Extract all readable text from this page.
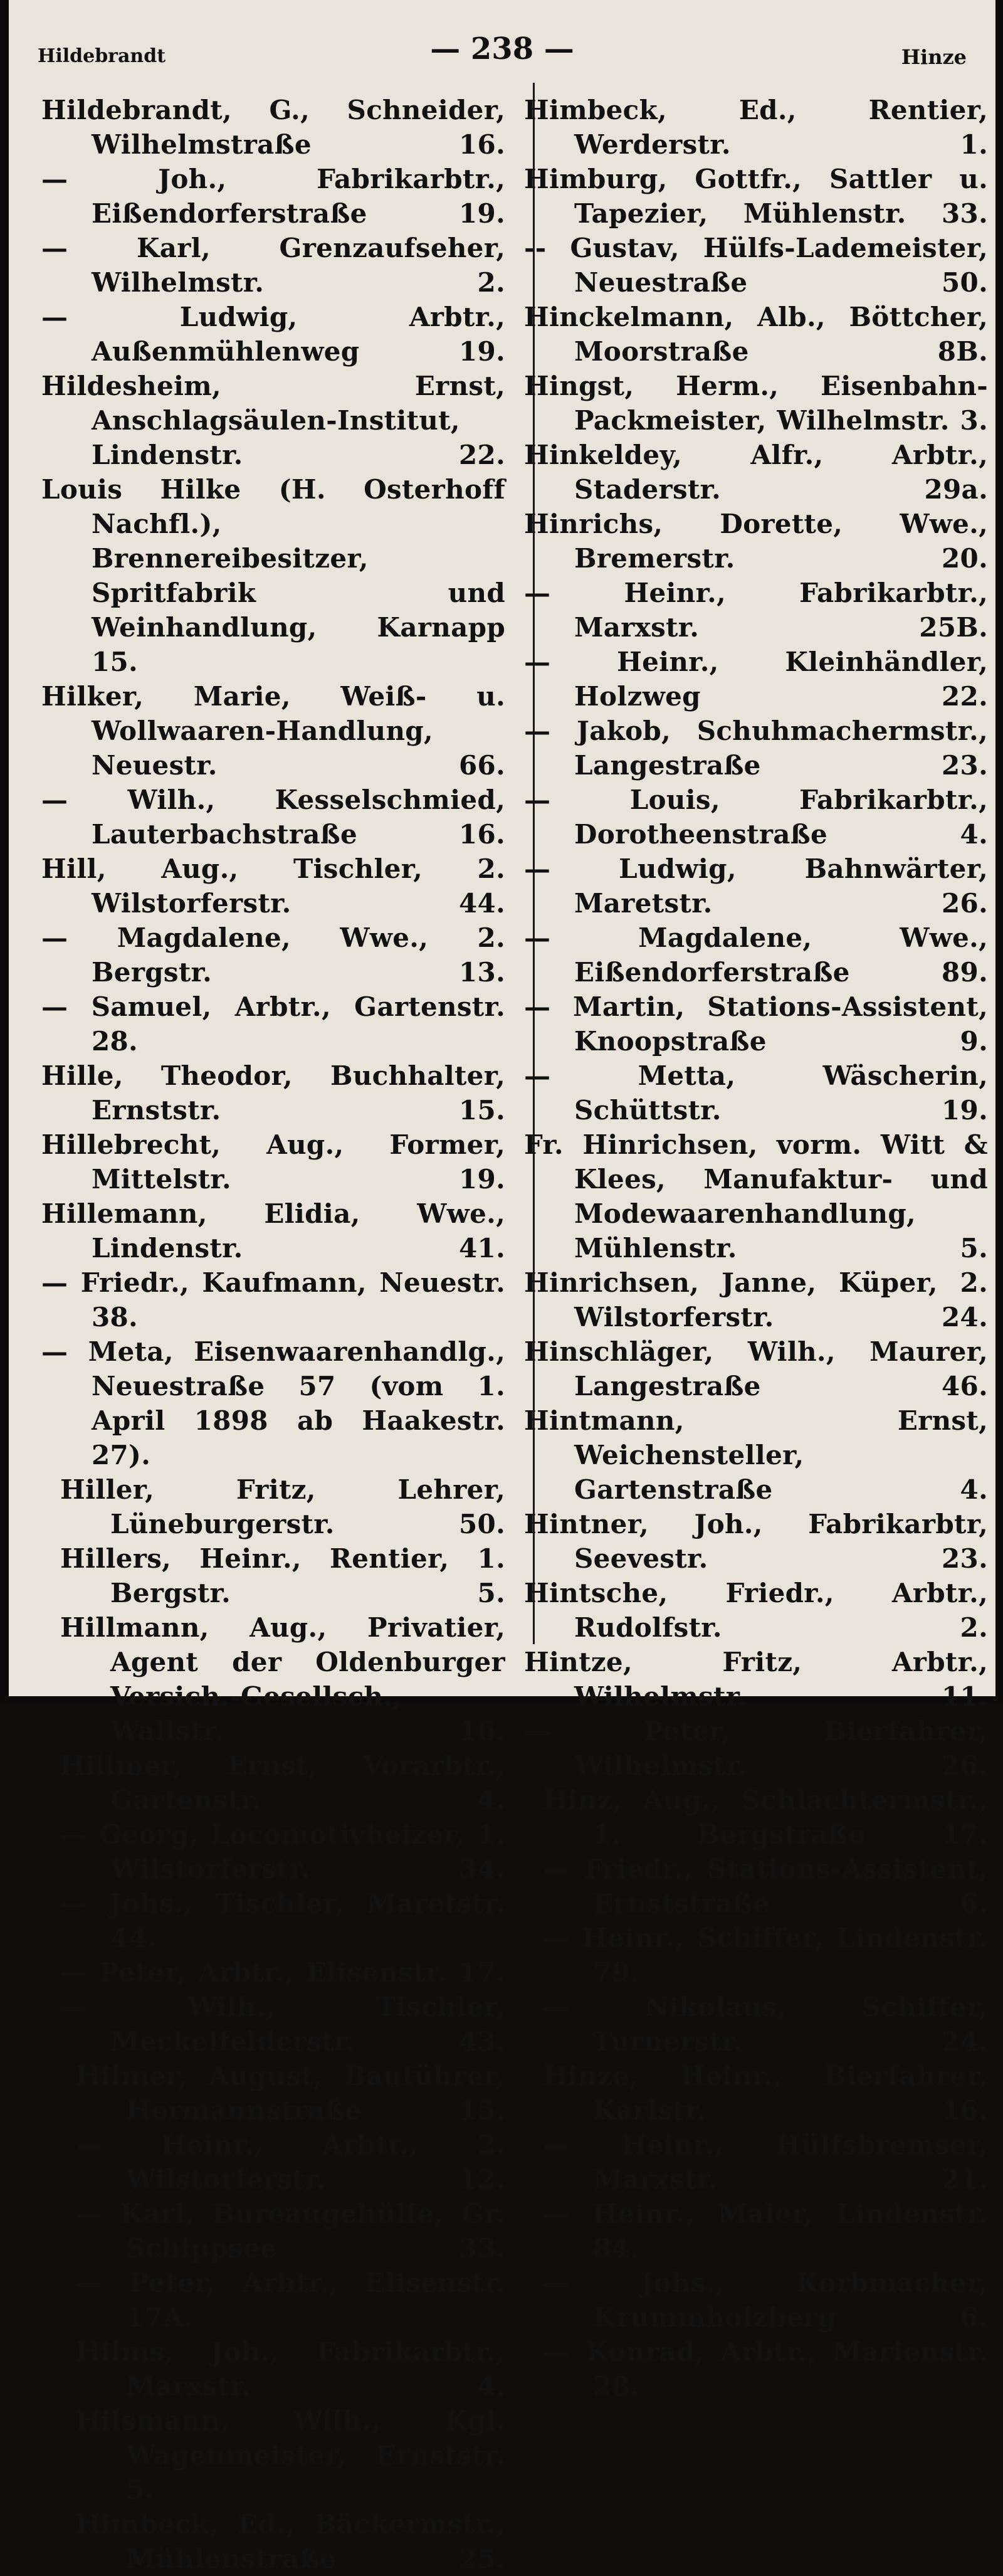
Hildebrandt	— 238 —	Hinze
Hildebrandt, G., Schneider, Wilhelmstraße 16.
— Joh., Fabrikarbtr., Eißendorferstraße 19.
— Karl, Grenzaufseher, Wilhelmstr. 2.
— Ludwig, Arbtr., Außenmühlenweg 19.
Hildesheim, Ernst, Anschlagsäulen-Institut, Lindenstr. 22.
Louis Hilke (H. Osterhoff Nachfl.), Brennereibesitzer, Spritfabrik und Weinhandlung, Karnapp 15.
Hilker, Marie, Weiß- u. Wollwaaren-Handlung, Neuestr. 66.
— Wilh., Kesselschmied, Lauterbachstraße 16.
Hill, Aug., Tischler, 2. Wilstorferstr. 44.
— Magdalene, Wwe., 2. Bergstr. 13.
— Samuel, Arbtr., Gartenstr. 28.
Hille, Theodor, Buchhalter, Ernststr. 15.
Hillebrecht, Aug., Former, Mittelstr. 19.
Hillemann, Elidia, Wwe., Lindenstr. 41.
— Friedr., Kaufmann, Neuestr. 38.
— Meta, Eisenwaarenhandlg., Neuestraße 57 (vom 1. April 1898 ab Haakestr. 27).
Hiller, Fritz, Lehrer, Lüneburgerstr. 50.
Hillers, Heinr., Rentier, 1. Bergstr. 5.
Hillmann, Aug., Privatier, Agent der Oldenburger Versich.-Gesellsch., Wallstr. 16.
Hillmer, Ernst, Vorarbtr., Gartenstr. 4.
— Georg, Locomotivheizer, 1. Wilstorferstr. 34.
— Johs., Tischler, Maretstr. 44.
— Peter, Arbtr., Elisenstr. 17.
— Wilh., Tischler, Meckelfelderstr. 43.
Hilmer, August, Bauführer, Hermannstraße 15.
— Heinr., Arbtr., 2. Wilstorferstr. 12.
— Karl, Bureaugehülfe, Gr. Schippsee 33.
— Peter, Arbtr., Elisenstr. 17A.
Hilms, Joh., Fabrikarbtr., Marxstr. 4.
Hilsmann, Wilh., Kgl. Wagenmeister, Ernststr. 5.
Himbeck, Ed., Bäckermstr., Mühlenstraße 25.
Himbeck, Ed., Rentier, Werderstr. 1.
Himburg, Gottfr., Sattler u. Tapezier, Mühlenstr. 33.
-- Gustav, Hülfs-Lademeister, Neuestraße 50.
Hinckelmann, Alb., Böttcher, Moorstraße 8B.
Hingst, Herm., Eisenbahn-Packmeister, Wilhelmstr. 3.
Hinkeldey, Alfr., Arbtr., Staderstr. 29a.
Hinrichs, Dorette, Wwe., Bremerstr. 20.
— Heinr., Fabrikarbtr., Marxstr. 25B.
— Heinr., Kleinhändler, Holzweg 22.
— Jakob, Schuhmachermstr., Langestraße 23.
— Louis, Fabrikarbtr., Dorotheenstraße 4.
— Ludwig, Bahnwärter, Maretstr. 26.
— Magdalene, Wwe., Eißendorferstraße 89.
— Martin, Stations-Assistent, Knoopstraße 9.
— Metta, Wäscherin, Schüttstr. 19.
Fr. Hinrichsen, vorm. Witt & Klees, Manufaktur- und Modewaarenhandlung, Mühlenstr. 5.
Hinrichsen, Janne, Küper, 2. Wilstorferstr. 24.
Hinschläger, Wilh., Maurer, Langestraße 46.
Hintmann, Ernst, Weichensteller, Gartenstraße 4.
Hintner, Joh., Fabrikarbtr, Seevestr. 23.
Hintsche, Friedr., Arbtr., Rudolfstr. 2.
Hintze, Fritz, Arbtr., Wilhelmstr. 11.
— Peter, Bierfahrer, Wilhelmstr. 26.
Hinz, Aug., Schlachtermstr., 1. Bergstraße 17.
— Friedr., Stations-Assistent, Ernststraße 6.
— Heinr., Schiffer, Lindenstr. 79.
— Nikolaus, Schiffer, Turnerstr. 24.
Hinze, Heinr., Bierfahrer, Karlstr. 16.
— Heinr., Hülfsbremser, Marxstr. 21.
— Heinr., Maler, Lindenstr. 84.
— Johs., Korbmacher, Krummholzberg 6.
— Konrad, Arbtr., Marienstr. 28.
